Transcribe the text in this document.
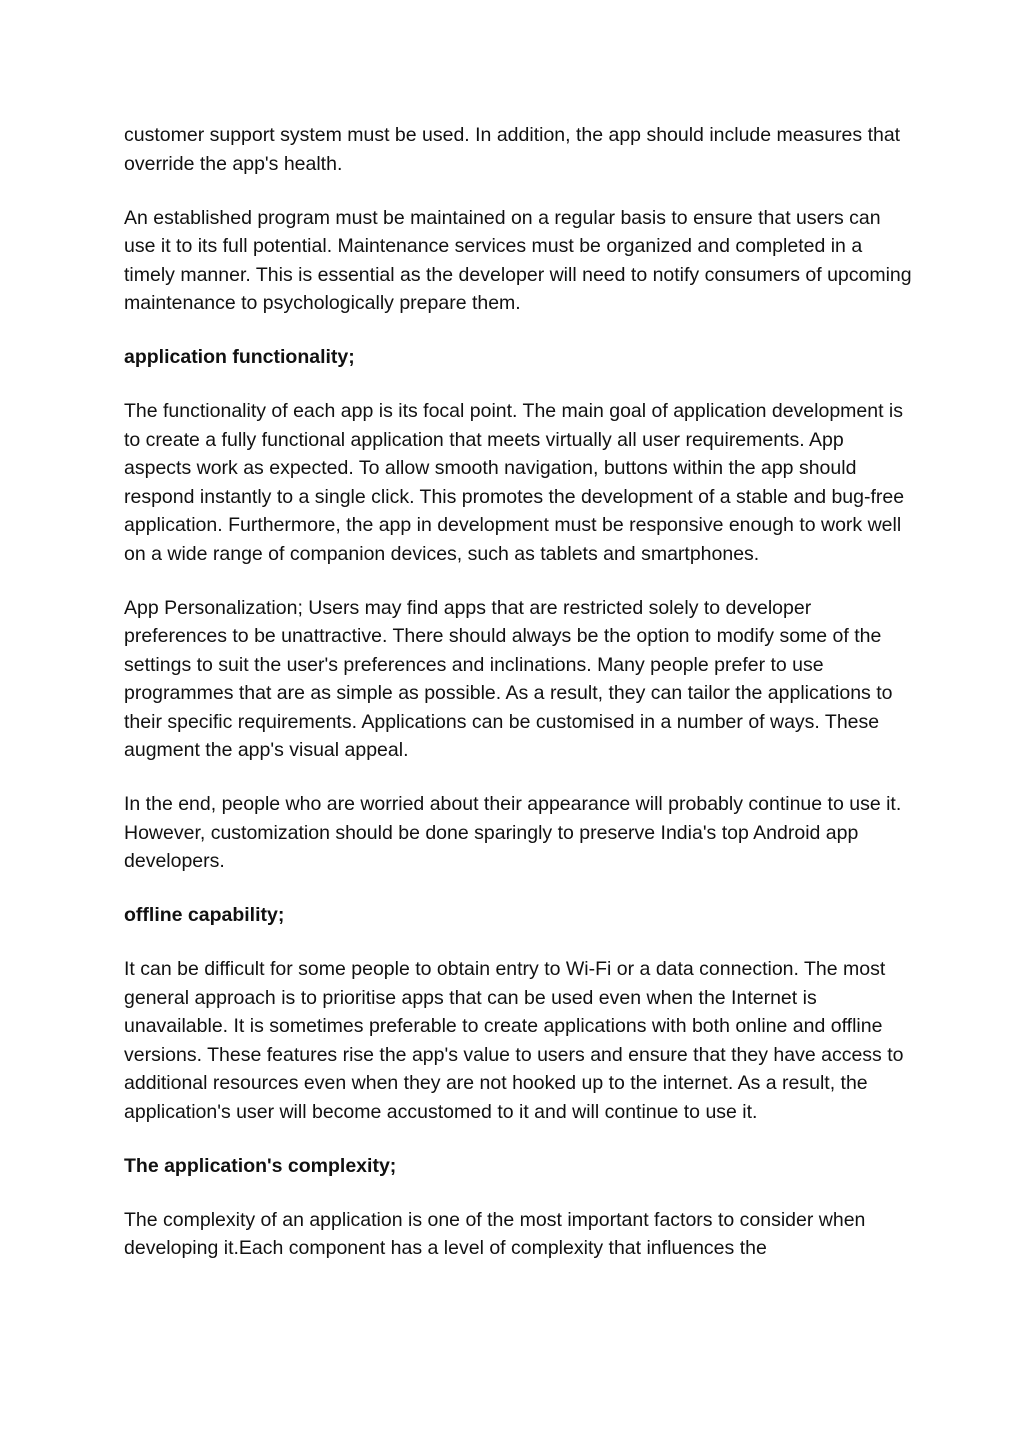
customer support system must be used. In addition, the app should include measures that override the app's health.

An established program must be maintained on a regular basis to ensure that users can use it to its full potential. Maintenance services must be organized and completed in a timely manner. This is essential as the developer will need to notify consumers of upcoming maintenance to psychologically prepare them.

application functionality;

The functionality of each app is its focal point. The main goal of application development is to create a fully functional application that meets virtually all user requirements. App aspects work as expected. To allow smooth navigation, buttons within the app should respond instantly to a single click. This promotes the development of a stable and bug-free application. Furthermore, the app in development must be responsive enough to work well on a wide range of companion devices, such as tablets and smartphones.

App Personalization; Users may find apps that are restricted solely to developer preferences to be unattractive. There should always be the option to modify some of the settings to suit the user's preferences and inclinations. Many people prefer to use programmes that are as simple as possible. As a result, they can tailor the applications to their specific requirements. Applications can be customised in a number of ways. These augment the app's visual appeal.

In the end, people who are worried about their appearance will probably continue to use it. However, customization should be done sparingly to preserve India's top Android app developers.

offline capability;

It can be difficult for some people to obtain entry to Wi-Fi or a data connection. The most general approach is to prioritise apps that can be used even when the Internet is unavailable. It is sometimes preferable to create applications with both online and offline versions. These features rise the app's value to users and ensure that they have access to additional resources even when they are not hooked up to the internet. As a result, the application's user will become accustomed to it and will continue to use it.

The application's complexity;

The complexity of an application is one of the most important factors to consider when developing it.Each component has a level of complexity that influences the
